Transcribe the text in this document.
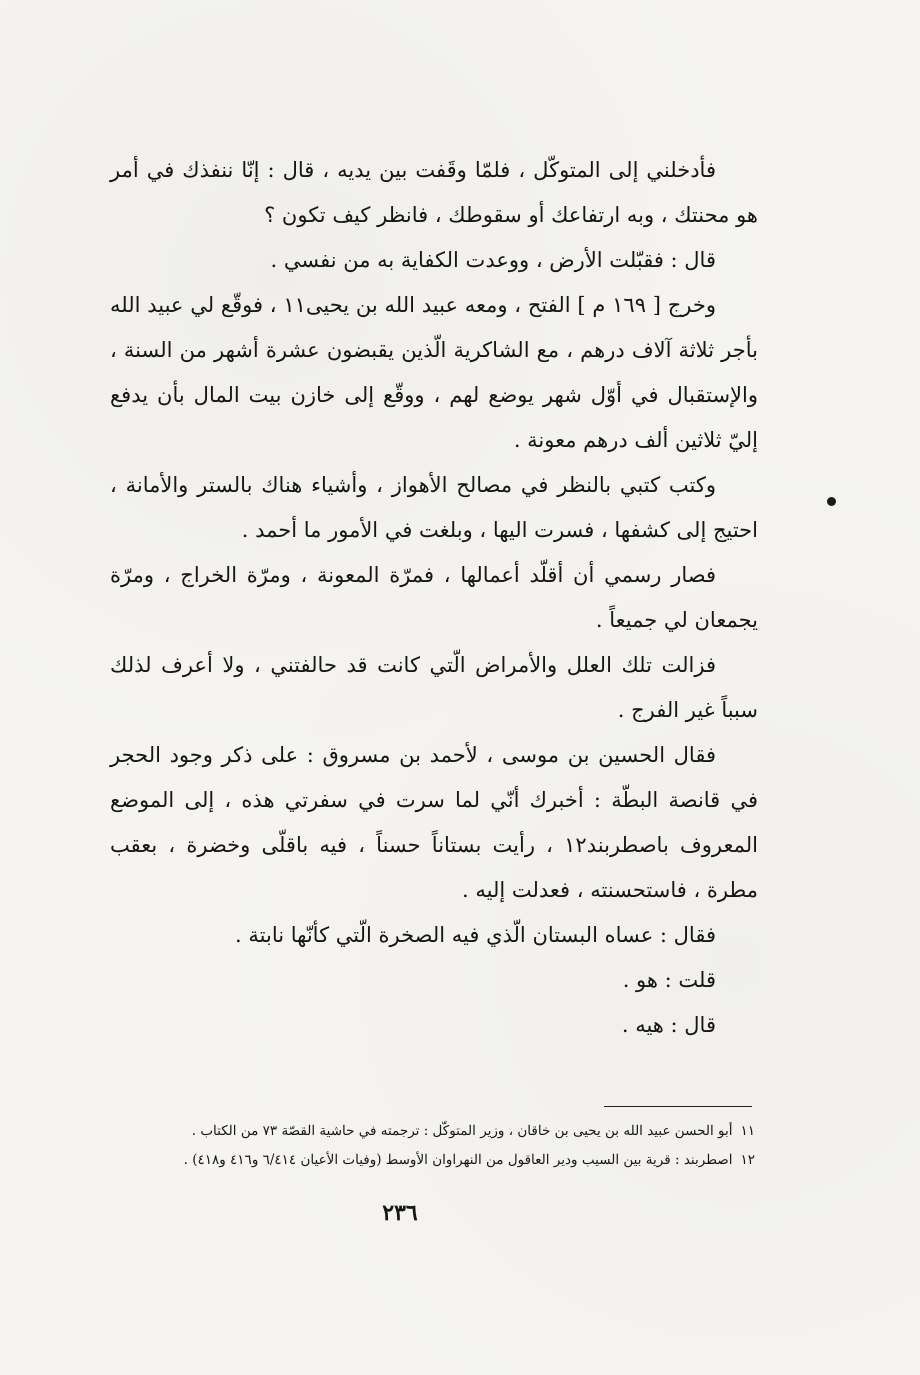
فأدخلني إلى المتوكّل ، فلمّا وقَفت بين يديه ، قال : إنّا ننفذك في أمر هو محنتك ، وبه ارتفاعك أو سقوطك ، فانظر كيف تكون ؟

قال : فقبّلت الأرض ، ووعدت الكفاية به من نفسي .

وخرج [ ١٦٩ م ] الفتح ، ومعه عبيد الله بن يحيى١١ ، فوقّع لي عبيد الله بأجر ثلاثة آلاف درهم ، مع الشاكرية الّذين يقبضون عشرة أشهر من السنة ، والإستقبال في أوّل شهر يوضع لهم ، ووقّع إلى خازن بيت المال بأن يدفع إليّ ثلاثين ألف درهم معونة .

وكتب كتبي بالنظر في مصالح الأهواز ، وأشياء هناك بالستر والأمانة ، احتيج إلى كشفها ، فسرت اليها ، وبلغت في الأمور ما أحمد .

فصار رسمي أن أقلّد أعمالها ، فمرّة المعونة ، ومرّة الخراج ، ومرّة يجمعان لي جميعاً .

فزالت تلك العلل والأمراض الّتي كانت قد حالفتني ، ولا أعرف لذلك سبباً غير الفرج .

فقال الحسين بن موسى ، لأحمد بن مسروق : على ذكر وجود الحجر في قانصة البطّة : أخبرك أنّي لما سرت في سفرتي هذه ، إلى الموضع المعروف باصطربند١٢ ، رأيت بستاناً حسناً ، فيه باقلّى وخضرة ، بعقب مطرة ، فاستحسنته ، فعدلت إليه .

فقال : عساه البستان الّذي فيه الصخرة الّتي كأنّها نابتة .

قلت : هو .

قال : هيه .

١١أبو الحسن عبيد الله بن يحيى بن خاقان ، وزير المتوكّل : ترجمته في حاشية القصّة ٧٣ من الكتاب .
١٢اصطربند : قرية بين السيب ودير العاقول من النهراوان الأوسط (وفيات الأعيان ٦/٤١٤ و٤١٦ و٤١٨) .
٢٣٦
